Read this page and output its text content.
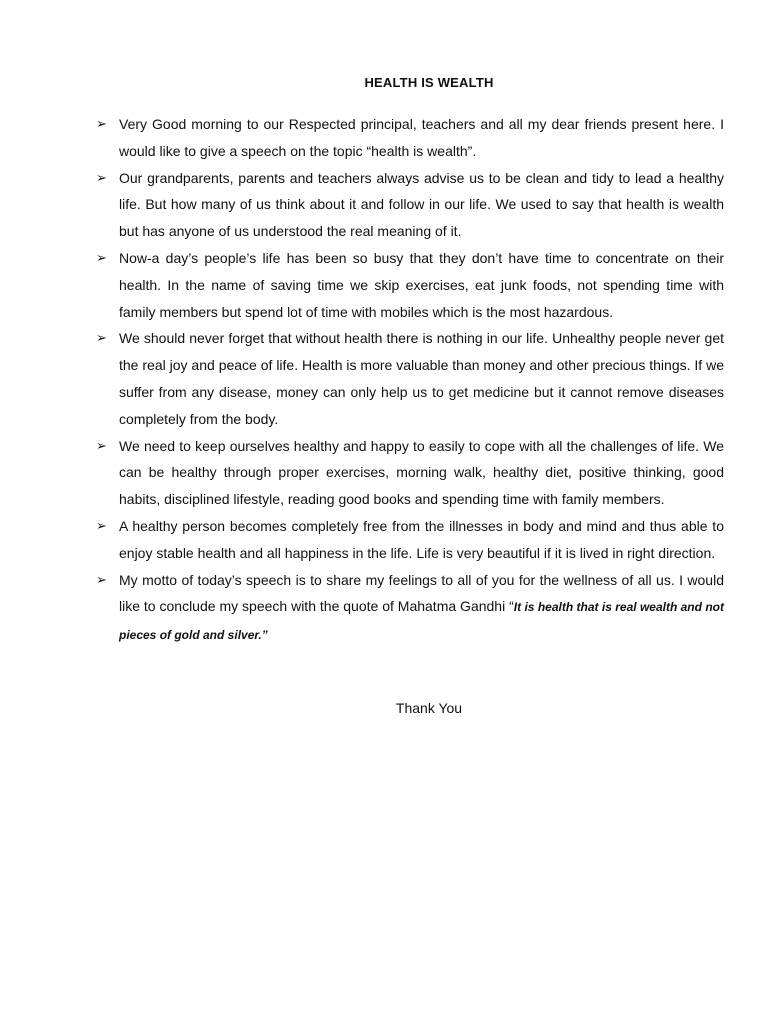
HEALTH IS WEALTH
➢ Very Good morning to our Respected principal, teachers and all my dear friends present here. I would like to give a speech on the topic “health is wealth”.
➢ Our grandparents, parents and teachers always advise us to be clean and tidy to lead a healthy life. But how many of us think about it and follow in our life. We used to say that health is wealth but has anyone of us understood the real meaning of it.
➢ Now-a day’s people’s life has been so busy that they don’t have time to concentrate on their health. In the name of saving time we skip exercises, eat junk foods, not spending time with family members but spend lot of time with mobiles which is the most hazardous.
➢ We should never forget that without health there is nothing in our life. Unhealthy people never get the real joy and peace of life. Health is more valuable than money and other precious things. If we suffer from any disease, money can only help us to get medicine but it cannot remove diseases completely from the body.
➢ We need to keep ourselves healthy and happy to easily to cope with all the challenges of life. We can be healthy through proper exercises, morning walk, healthy diet, positive thinking, good habits, disciplined lifestyle, reading good books and spending time with family members.
➢ A healthy person becomes completely free from the illnesses in body and mind and thus able to enjoy stable health and all happiness in the life. Life is very beautiful if it is lived in right direction.
➢ My motto of today’s speech is to share my feelings to all of you for the wellness of all us. I would like to conclude my speech with the quote of Mahatma Gandhi “It is health that is real wealth and not pieces of gold and silver.”
Thank You
